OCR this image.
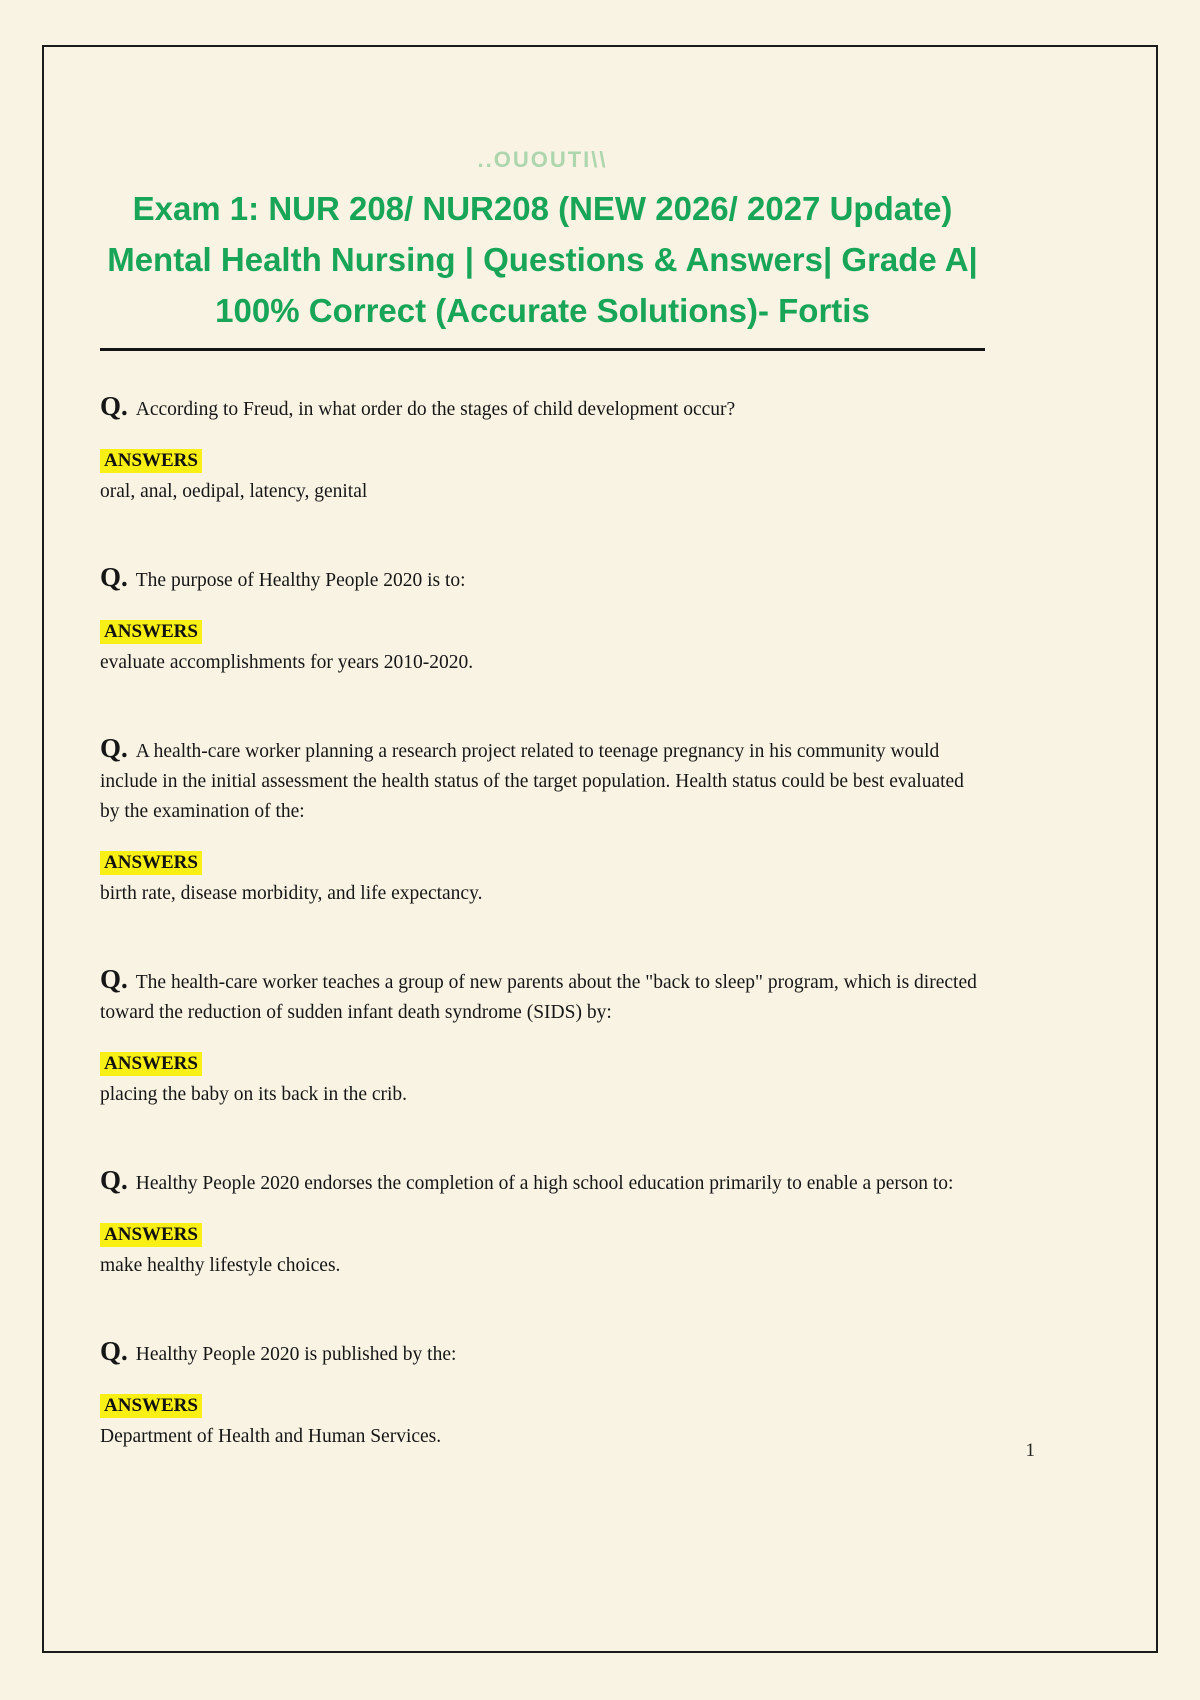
..OUOUTI\\
Exam 1: NUR 208/ NUR208 (NEW 2026/ 2027 Update)
Mental Health Nursing | Questions & Answers| Grade A|
100% Correct (Accurate Solutions)- Fortis

Q. According to Freud, in what order do the stages of child development occur?

ANSWERS

oral, anal, oedipal, latency, genital

Q. The purpose of Healthy People 2020 is to:

ANSWERS

evaluate accomplishments for years 2010-2020.

Q. A health-care worker planning a research project related to teenage pregnancy in his community would include in the initial assessment the health status of the target population. Health status could be best evaluated by the examination of the:

ANSWERS

birth rate, disease morbidity, and life expectancy.

Q. The health-care worker teaches a group of new parents about the "back to sleep" program, which is directed toward the reduction of sudden infant death syndrome (SIDS) by:

ANSWERS

placing the baby on its back in the crib.

Q. Healthy People 2020 endorses the completion of a high school education primarily to enable a person to:

ANSWERS

make healthy lifestyle choices.

Q. Healthy People 2020 is published by the:

ANSWERS

Department of Health and Human Services.

1
